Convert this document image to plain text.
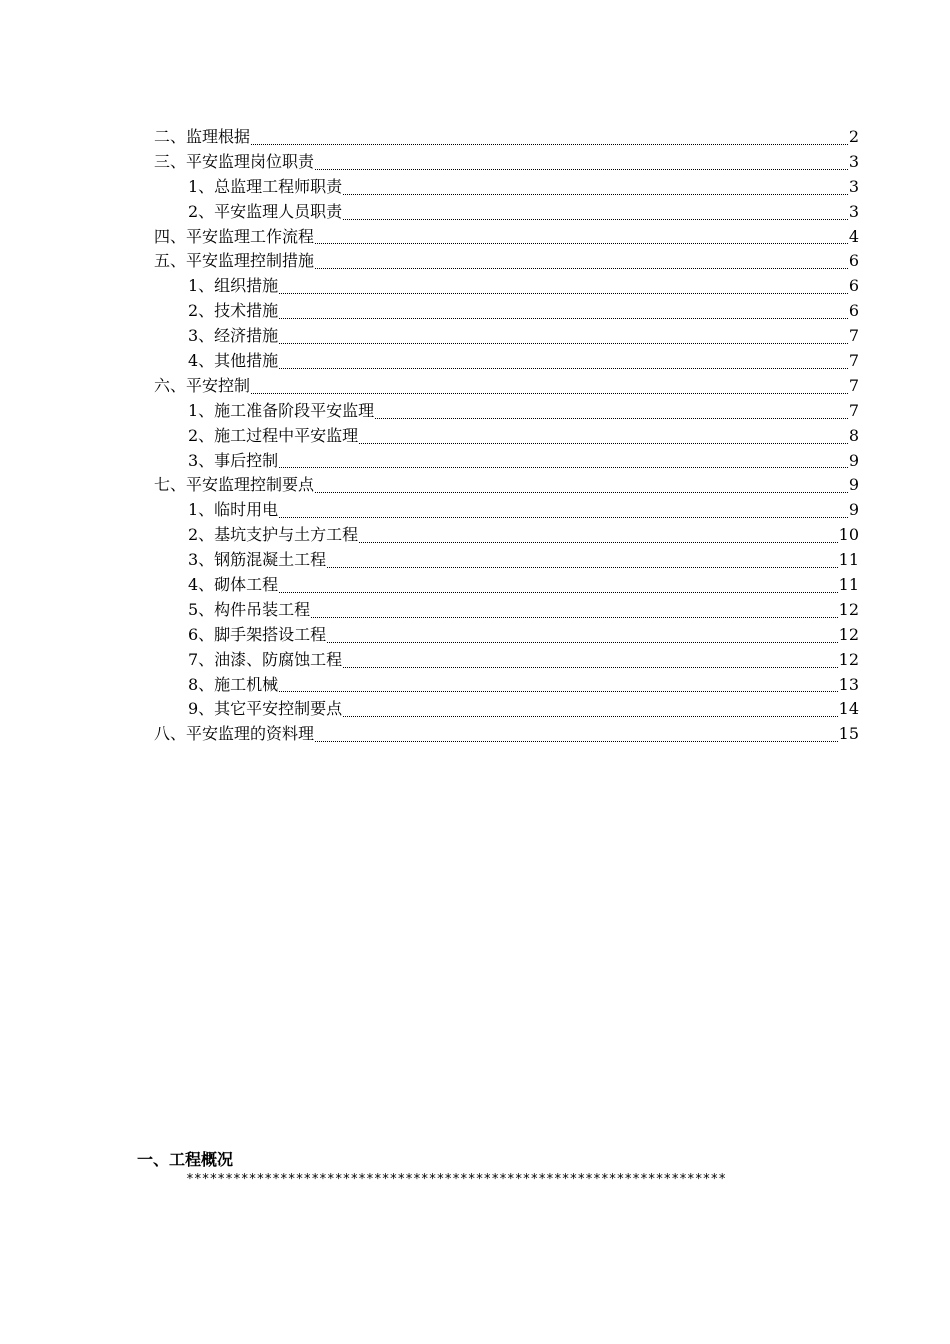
二、监理根据	2
三、平安监理岗位职责	3
1、总监理工程师职责	3
2、平安监理人员职责	3
四、平安监理工作流程	4
五、平安监理控制措施	6
1、组织措施	6
2、技术措施	6
3、经济措施	7
4、其他措施	7
六、平安控制	7
1、施工准备阶段平安监理	7
2、施工过程中平安监理	8
3、事后控制	9
七、平安监理控制要点	9
1、临时用电	9
2、基坑支护与土方工程	10
3、钢筋混凝土工程	11
4、砌体工程	11
5、构件吊装工程	12
6、脚手架搭设工程	12
7、油漆、防腐蚀工程	12
8、施工机械	13
9、其它平安控制要点	14
八、平安监理的资料理	15
一、工程概况
*********************************************************************
